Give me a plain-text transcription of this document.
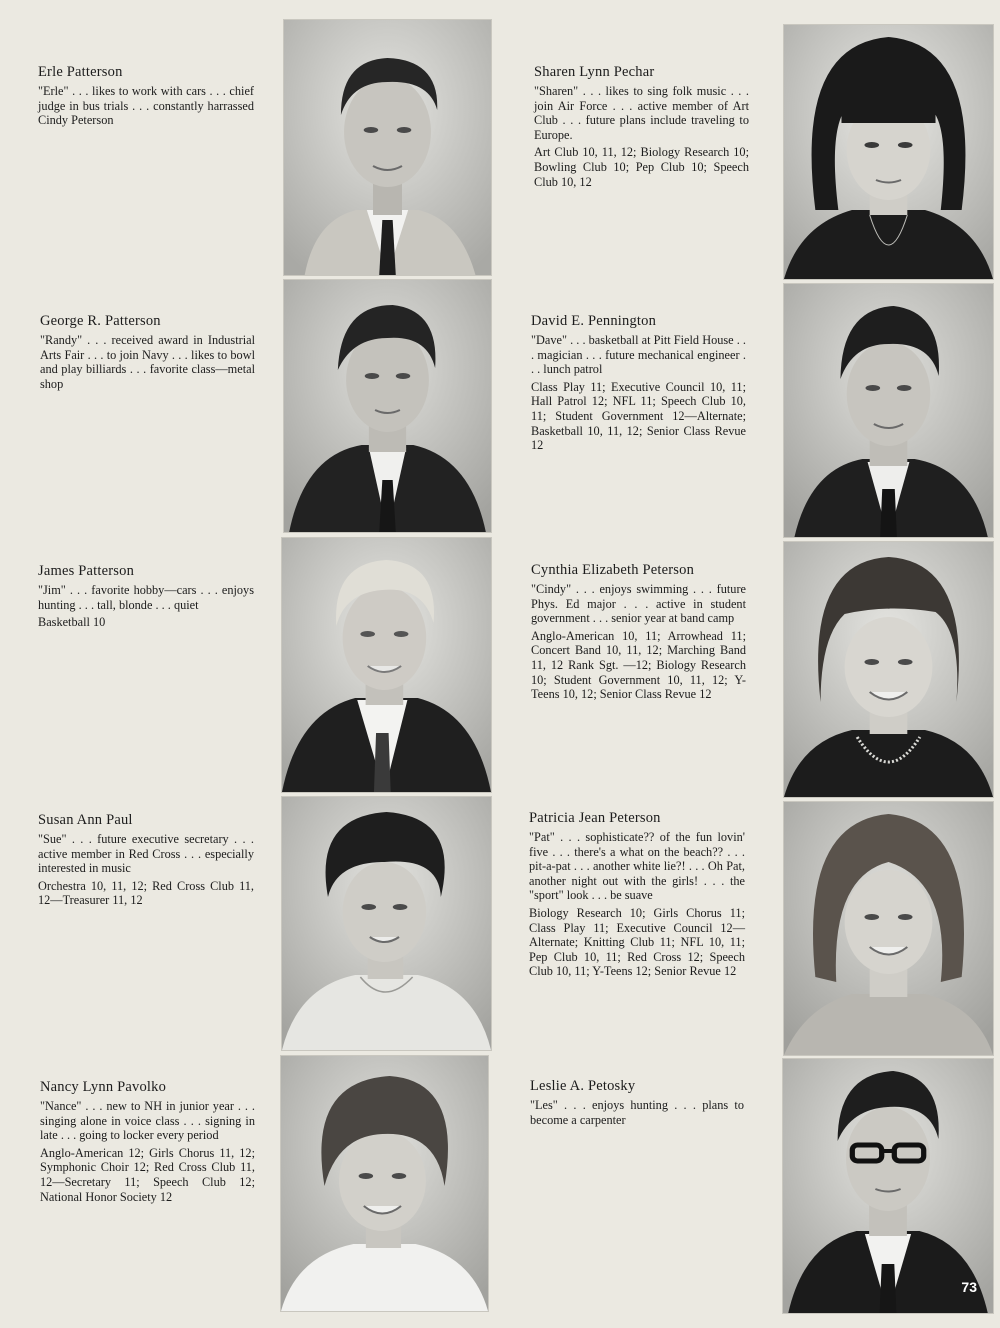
Erle Patterson
"Erle" . . . likes to work with cars . . . chief judge in bus trials . . . constantly harrassed Cindy Peterson
George R. Patterson
"Randy" . . . received award in Industrial Arts Fair . . . to join Navy . . . likes to bowl and play billiards . . . favorite class—metal shop
James Patterson
"Jim" . . . favorite hobby—cars . . . enjoys hunting . . . tall, blonde . . . quiet
Basketball 10
Susan Ann Paul
"Sue" . . . future executive secretary . . . active member in Red Cross . . . especially interested in music
Orchestra 10, 11, 12; Red Cross Club 11, 12—Treasurer 11, 12
Nancy Lynn Pavolko
"Nance" . . . new to NH in junior year . . . singing alone in voice class . . . signing in late . . . going to locker every period
Anglo-American 12; Girls Chorus 11, 12; Symphonic Choir 12; Red Cross Club 11, 12—Secretary 11; Speech Club 12; National Honor Society 12
Sharen Lynn Pechar
"Sharen" . . . likes to sing folk music . . . join Air Force . . . active member of Art Club . . . future plans include traveling to Europe.
Art Club 10, 11, 12; Biology Research 10; Bowling Club 10; Pep Club 10; Speech Club 10, 12
David E. Pennington
"Dave" . . . basketball at Pitt Field House . . . magician . . . future mechanical engineer . . . lunch patrol
Class Play 11; Executive Council 10, 11; Hall Patrol 12; NFL 11; Speech Club 10, 11; Student Government 12—Alternate; Basketball 10, 11, 12; Senior Class Revue 12
Cynthia Elizabeth Peterson
"Cindy" . . . enjoys swimming . . . future Phys. Ed major . . . active in student government . . . senior year at band camp
Anglo-American 10, 11; Arrowhead 11; Concert Band 10, 11, 12; Marching Band 11, 12 Rank Sgt. —12; Biology Research 10; Student Government 10, 11, 12; Y-Teens 10, 12; Senior Class Revue 12
Patricia Jean Peterson
"Pat" . . . sophisticate?? of the fun lovin' five . . . there's a what on the beach?? . . . pit-a-pat . . . another white lie?! . . . Oh Pat, another night out with the girls! . . . the "sport" look . . . be suave
Biology Research 10; Girls Chorus 11; Class Play 11; Executive Council 12—Alternate; Knitting Club 11; NFL 10, 11; Pep Club 10, 11; Red Cross 12; Speech Club 10, 11; Y-Teens 12; Senior Revue 12
Leslie A. Petosky
"Les" . . . enjoys hunting . . . plans to become a carpenter
73
